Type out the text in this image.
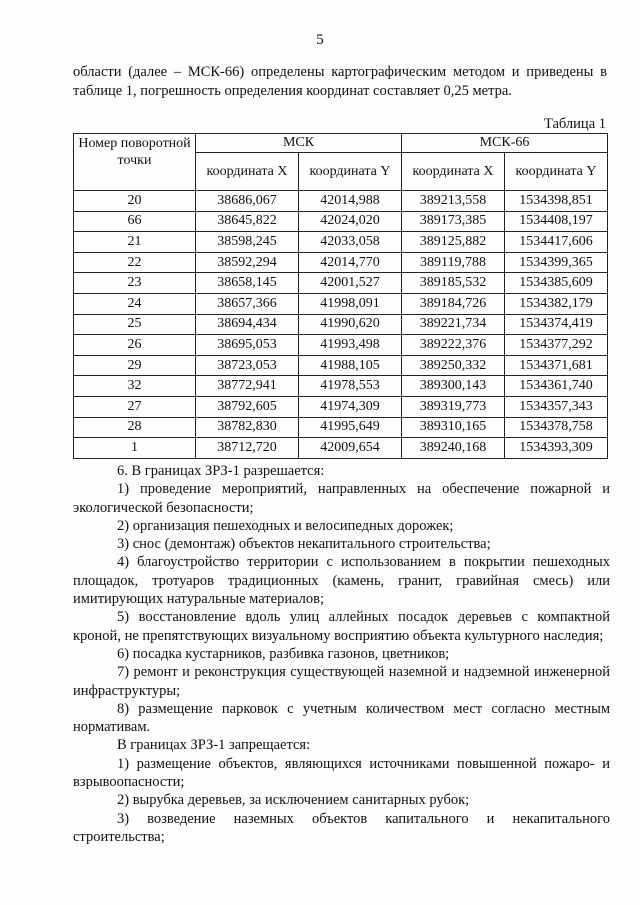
5

области (далее – МСК-66) определены картографическим методом и приведены в таблице 1, погрешность определения координат составляет 0,25 метра.

Таблица 1
Номер поворотной точки	МСК		МСК-66	
	координата X	координата Y	координата X	координата Y
20	38686,067	42014,988	389213,558	1534398,851
66	38645,822	42024,020	389173,385	1534408,197
21	38598,245	42033,058	389125,882	1534417,606
22	38592,294	42014,770	389119,788	1534399,365
23	38658,145	42001,527	389185,532	1534385,609
24	38657,366	41998,091	389184,726	1534382,179
25	38694,434	41990,620	389221,734	1534374,419
26	38695,053	41993,498	389222,376	1534377,292
29	38723,053	41988,105	389250,332	1534371,681
32	38772,941	41978,553	389300,143	1534361,740
27	38792,605	41974,309	389319,773	1534357,343
28	38782,830	41995,649	389310,165	1534378,758
1	38712,720	42009,654	389240,168	1534393,309

6. В границах ЗРЗ-1 разрешается:

1) проведение мероприятий, направленных на обеспечение пожарной и экологической безопасности;

2) организация пешеходных и велосипедных дорожек;

3) снос (демонтаж) объектов некапитального строительства;

4) благоустройство территории с использованием в покрытии пешеходных площадок, тротуаров традиционных (камень, гранит, гравийная смесь) или имитирующих натуральные материалов;

5) восстановление вдоль улиц аллейных посадок деревьев с компактной кроной, не препятствующих визуальному восприятию объекта культурного наследия;

6) посадка кустарников, разбивка газонов, цветников;

7) ремонт и реконструкция существующей наземной и надземной инженерной инфраструктуры;

8) размещение парковок с учетным количеством мест согласно местным нормативам.

В границах ЗРЗ-1 запрещается:

1) размещение объектов, являющихся источниками повышенной пожаро- и взрывоопасности;

2) вырубка деревьев, за исключением санитарных рубок;

3) возведение наземных объектов капитального и некапитального строительства;
